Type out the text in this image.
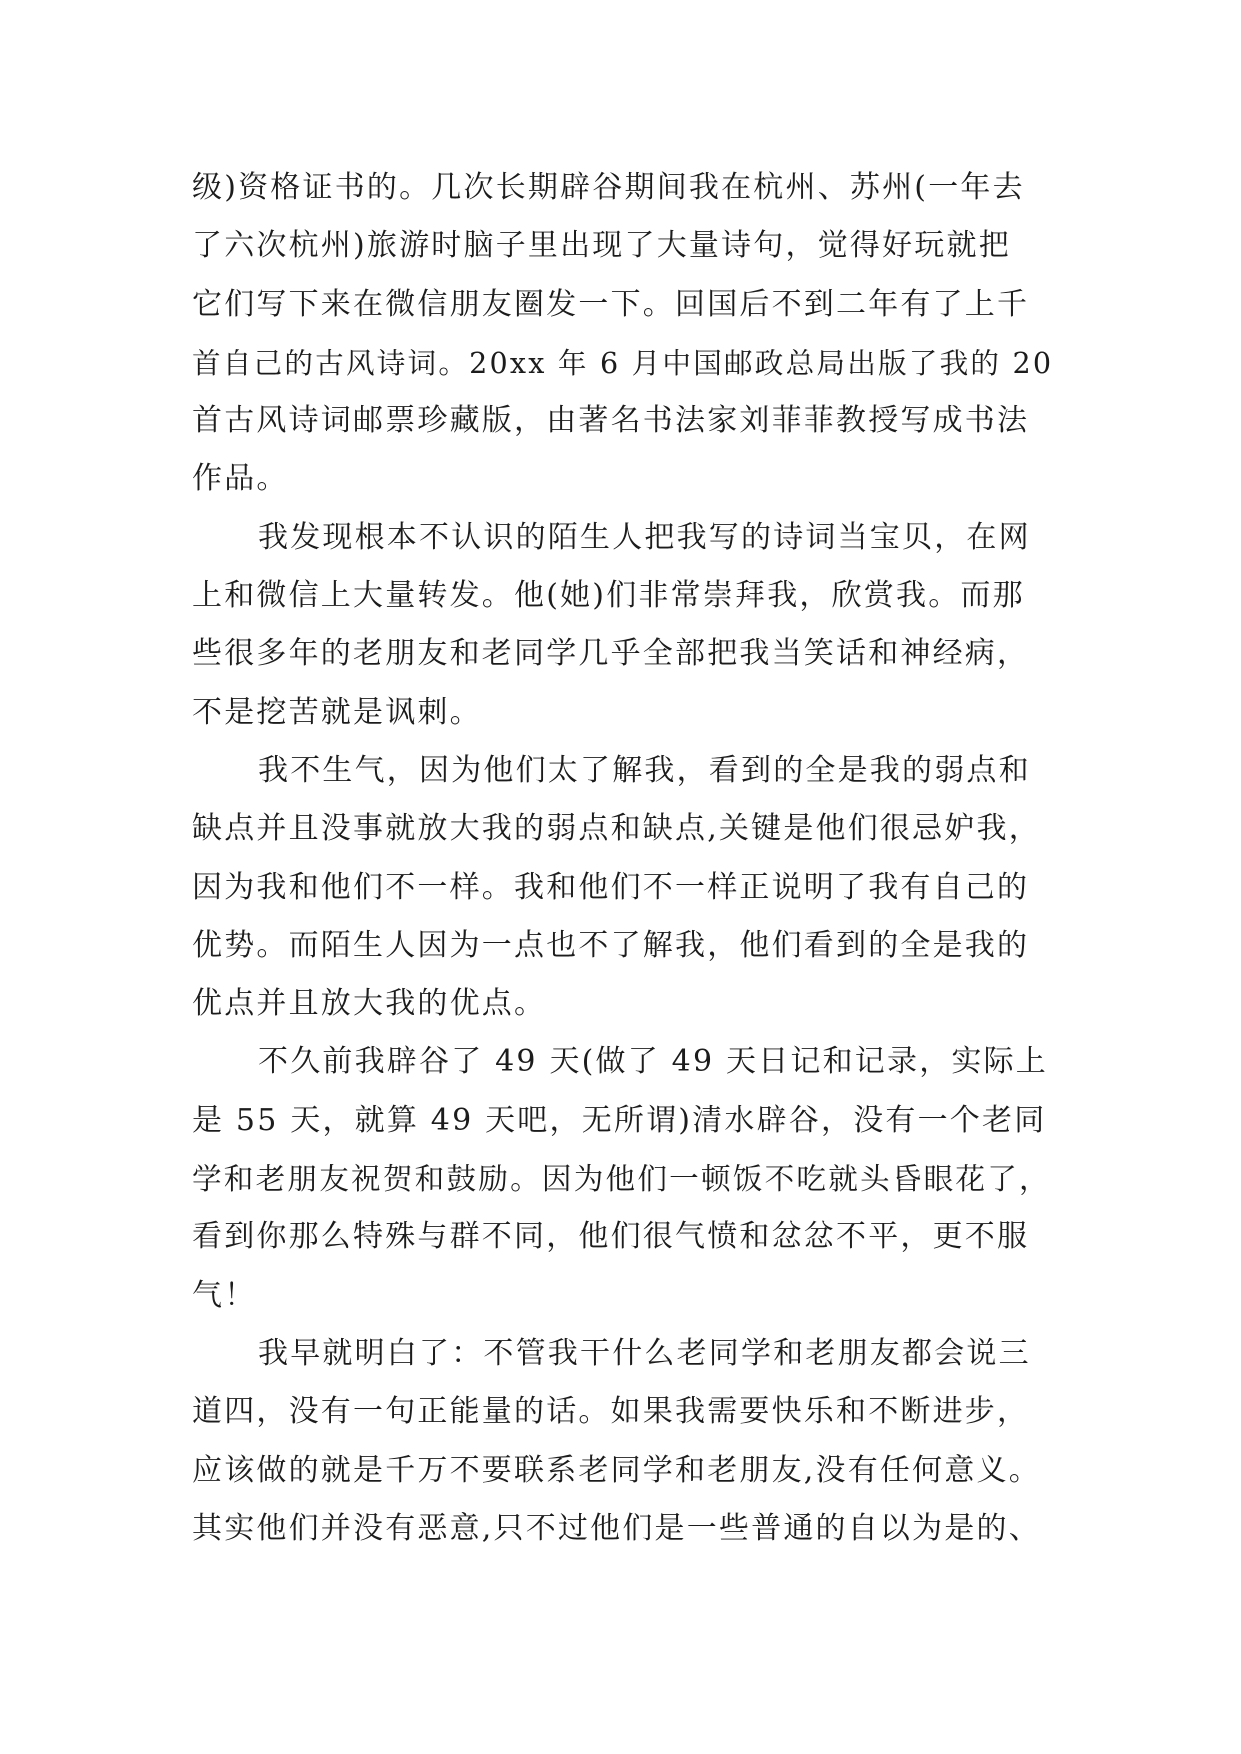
级)资格证书的。几次长期辟谷期间我在杭州、苏州(一年去
了六次杭州)旅游时脑子里出现了大量诗句，觉得好玩就把
它们写下来在微信朋友圈发一下。回国后不到二年有了上千
首自己的古风诗词。20xx 年 6 月中国邮政总局出版了我的 20
首古风诗词邮票珍藏版，由著名书法家刘菲菲教授写成书法
作品。
我发现根本不认识的陌生人把我写的诗词当宝贝，在网
上和微信上大量转发。他(她)们非常崇拜我，欣赏我。而那
些很多年的老朋友和老同学几乎全部把我当笑话和神经病，
不是挖苦就是讽刺。
我不生气，因为他们太了解我，看到的全是我的弱点和
缺点并且没事就放大我的弱点和缺点,关键是他们很忌妒我，
因为我和他们不一样。我和他们不一样正说明了我有自己的
优势。而陌生人因为一点也不了解我，他们看到的全是我的
优点并且放大我的优点。
不久前我辟谷了 49 天(做了 49 天日记和记录，实际上
是 55 天，就算 49 天吧，无所谓)清水辟谷，没有一个老同
学和老朋友祝贺和鼓励。因为他们一顿饭不吃就头昏眼花了，
看到你那么特殊与群不同，他们很气愤和忿忿不平，更不服
气！
我早就明白了：不管我干什么老同学和老朋友都会说三
道四，没有一句正能量的话。如果我需要快乐和不断进步，
应该做的就是千万不要联系老同学和老朋友,没有任何意义。
其实他们并没有恶意,只不过他们是一些普通的自以为是的、
